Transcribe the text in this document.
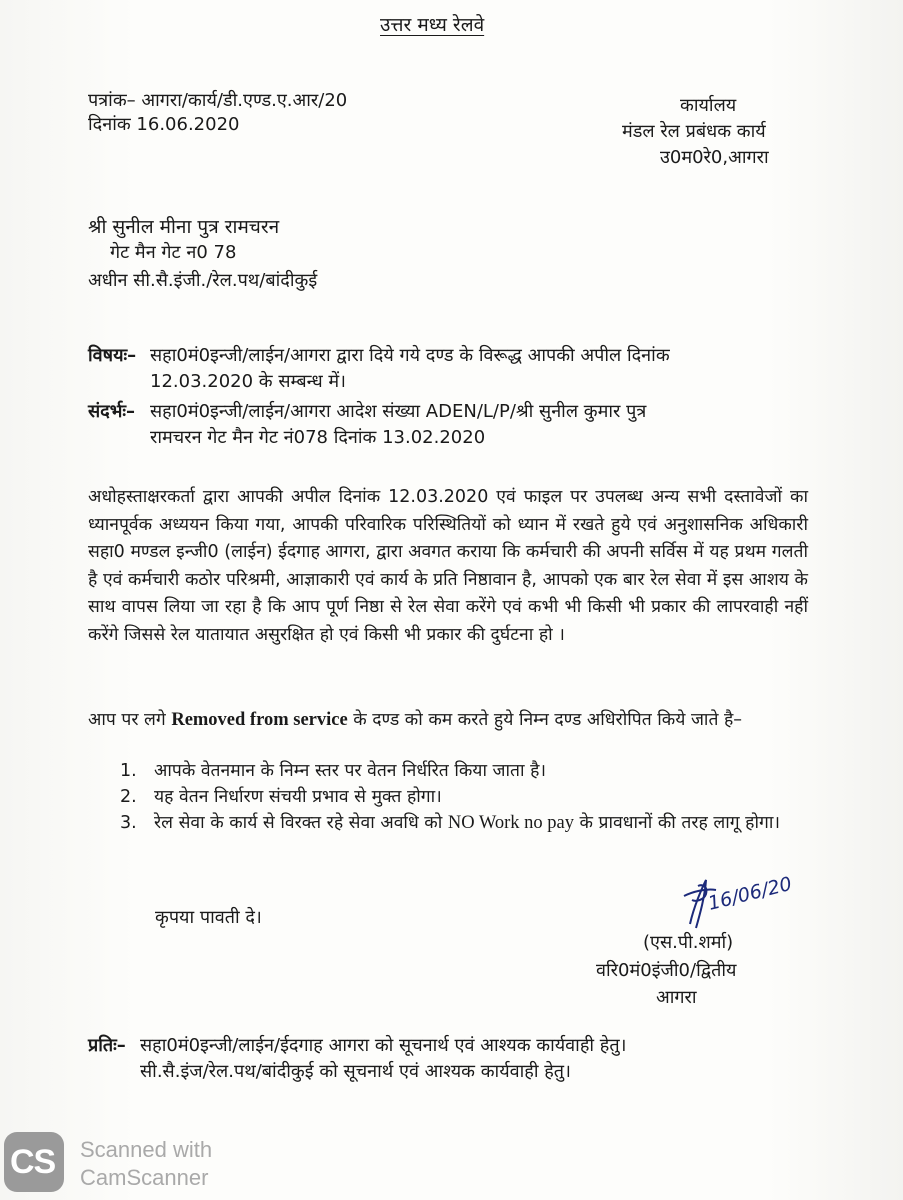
उत्तर मध्य रेलवे
पत्रांक– आगरा/कार्य/डी.एण्ड.ए.आर/20
दिनांक 16.06.2020
कार्यालय
मंडल रेल प्रबंधक कार्य
उ0म0रे0,आगरा
श्री सुनील मीना पुत्र रामचरन
गेट मैन गेट न0 78
अधीन सी.सै.इंजी./रेल.पथ/बांदीकुई
विषयः– सहा0मं0इन्जी/लाईन/आगरा द्वारा दिये गये दण्ड के विरूद्ध आपकी अपील दिनांक
12.03.2020 के सम्बन्ध में।
संदर्भः– सहा0मं0इन्जी/लाईन/आगरा आदेश संख्या ADEN/L/P/श्री सुनील कुमार पुत्र
रामचरन गेट मैन गेट नं078 दिनांक 13.02.2020
अधोहस्ताक्षरकर्ता द्वारा आपकी अपील दिनांक 12.03.2020 एवं फाइल पर उपलब्ध अन्य सभी दस्तावेजों का ध्यानपूर्वक अध्ययन किया गया, आपकी परिवारिक परिस्थितियों को ध्यान में रखते हुये एवं अनुशासनिक अधिकारी सहा0 मण्डल इन्जी0 (लाईन) ईदगाह आगरा, द्वारा अवगत कराया कि कर्मचारी की अपनी सर्विस में यह प्रथम गलती है एवं कर्मचारी कठोर परिश्रमी, आज्ञाकारी एवं कार्य के प्रति निष्ठावान है, आपको एक बार रेल सेवा में इस आशय के साथ वापस लिया जा रहा है कि आप पूर्ण निष्ठा से रेल सेवा करेंगे एवं कभी भी किसी भी प्रकार की लापरवाही नहीं करेंगे जिससे रेल यातायात असुरक्षित हो एवं किसी भी प्रकार की दुर्घटना हो ।
आप पर लगे Removed from service के दण्ड को कम करते हुये निम्न दण्ड अधिरोपित किये जाते है–
1. आपके वेतनमान के निम्न स्तर पर वेतन निर्धरित किया जाता है।
2. यह वेतन निर्धारण संचयी प्रभाव से मुक्त होगा।
3. रेल सेवा के कार्य से विरक्त रहे सेवा अवधि को NO Work no pay के प्रावधानों की तरह लागू होगा।
कृपया पावती दे।
16/06/20
(एस.पी.शर्मा)
वरि0मं0इंजी0/द्वितीय
आगरा
प्रतिः– सहा0मं0इन्जी/लाईन/ईदगाह आगरा को सूचनार्थ एवं आश्यक कार्यवाही हेतु।
सी.सै.इंज/रेल.पथ/बांदीकुई को सूचनार्थ एवं आश्यक कार्यवाही हेतु।
CS Scanned with
CamScanner
